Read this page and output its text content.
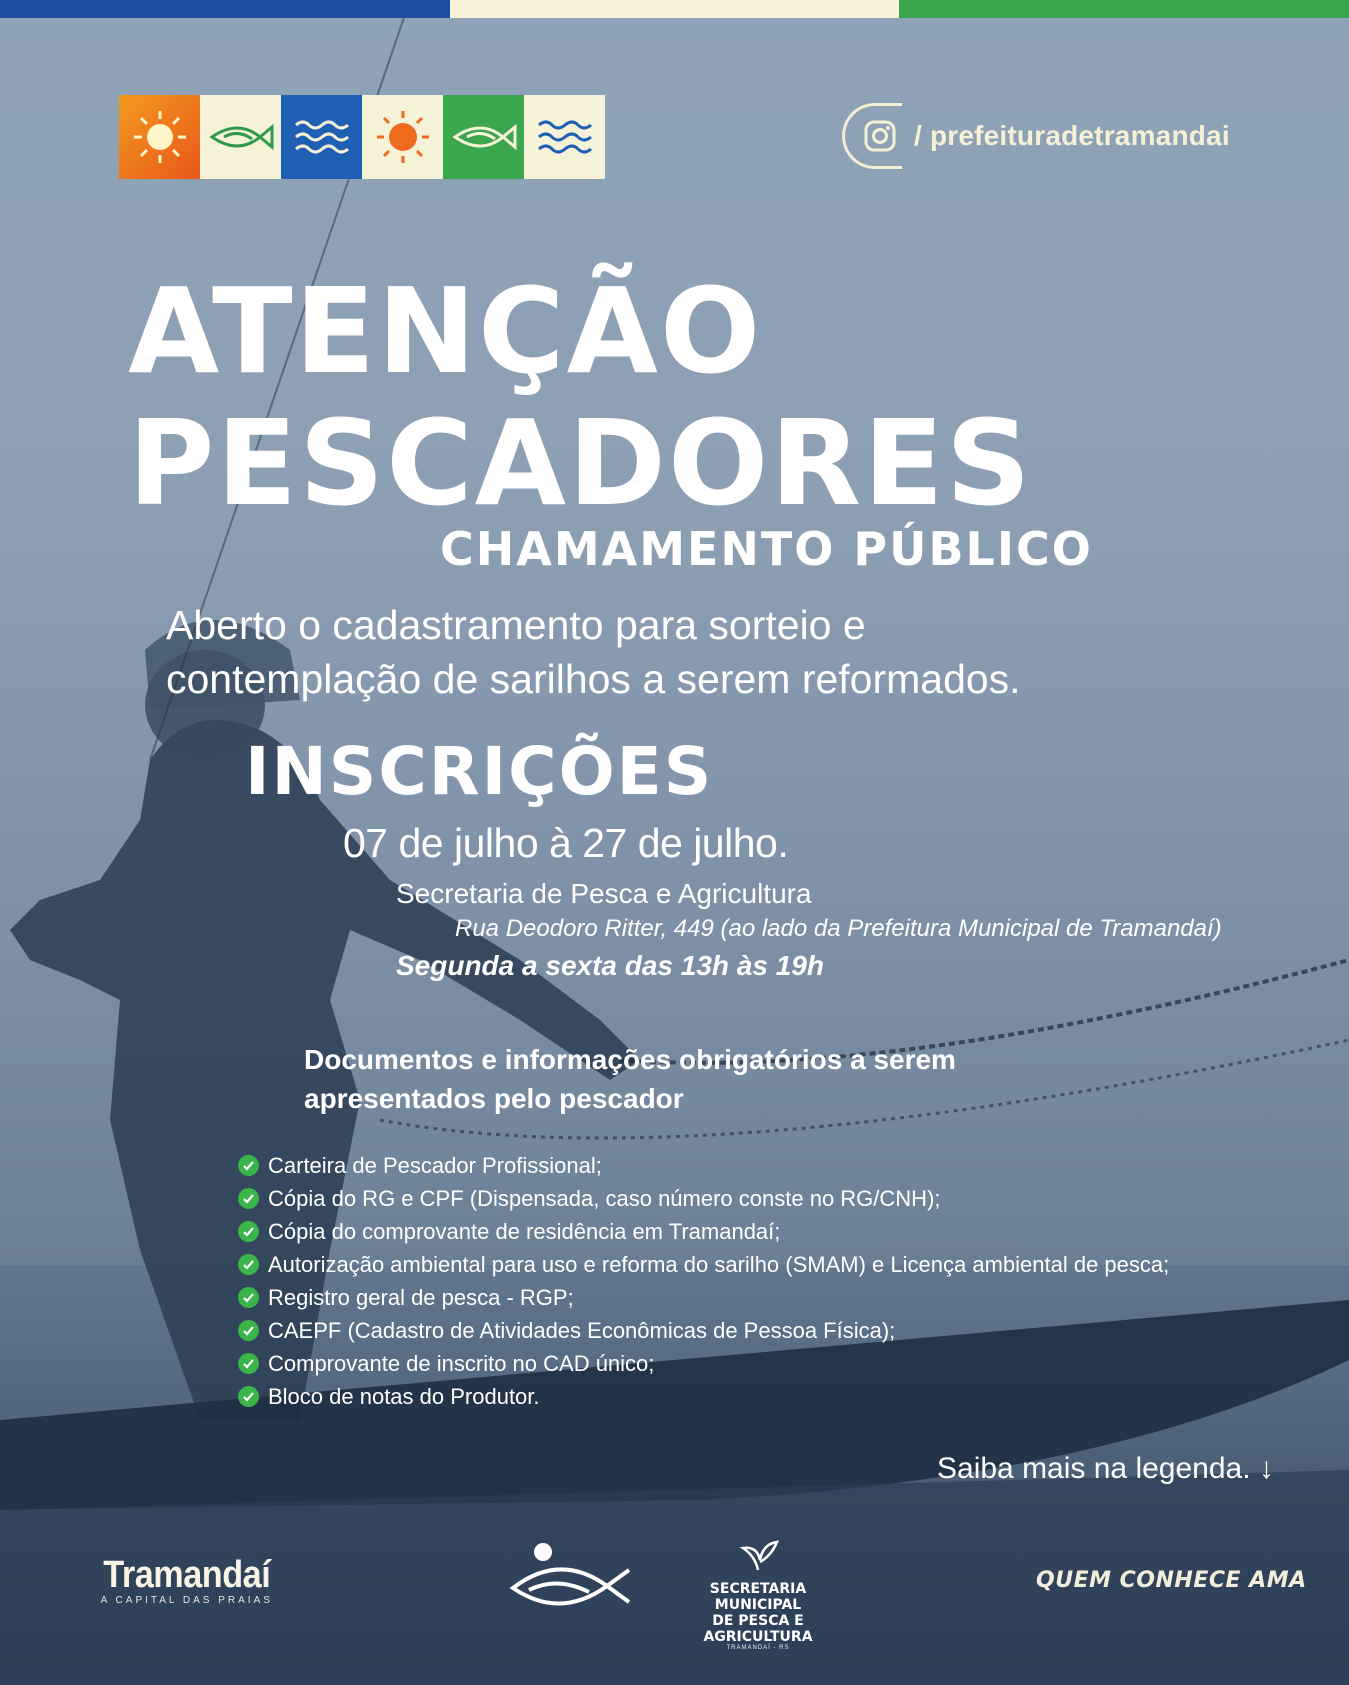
/ prefeituradetramandai
ATENÇÃO
PESCADORES
CHAMAMENTO PÚBLICO
Aberto o cadastramento para sorteio e
contemplação de sarilhos a serem reformados.
INSCRIÇÕES
07 de julho à 27 de julho.
Secretaria de Pesca e Agricultura
Rua Deodoro Ritter, 449 (ao lado da Prefeitura Municipal de Tramandaí)
Segunda a sexta das 13h às 19h
Documentos e informações obrigatórios a serem
apresentados pelo pescador
Carteira de Pescador Profissional;
Cópia do RG e CPF (Dispensada, caso número conste no RG/CNH);
Cópia do comprovante de residência em Tramandaí;
Autorização ambiental para uso e reforma do sarilho (SMAM) e Licença ambiental de pesca;
Registro geral de pesca - RGP;
CAEPF (Cadastro de Atividades Econômicas de Pessoa Física);
Comprovante de inscrito no CAD único;
Bloco de notas do Produtor.
Saiba mais na legenda. ↓
Tramandaí
A CAPITAL DAS PRAIAS
SECRETARIA MUNICIPAL
DE PESCA E AGRICULTURA
TRAMANDAÍ - RS
QUEM CONHECE AMA
